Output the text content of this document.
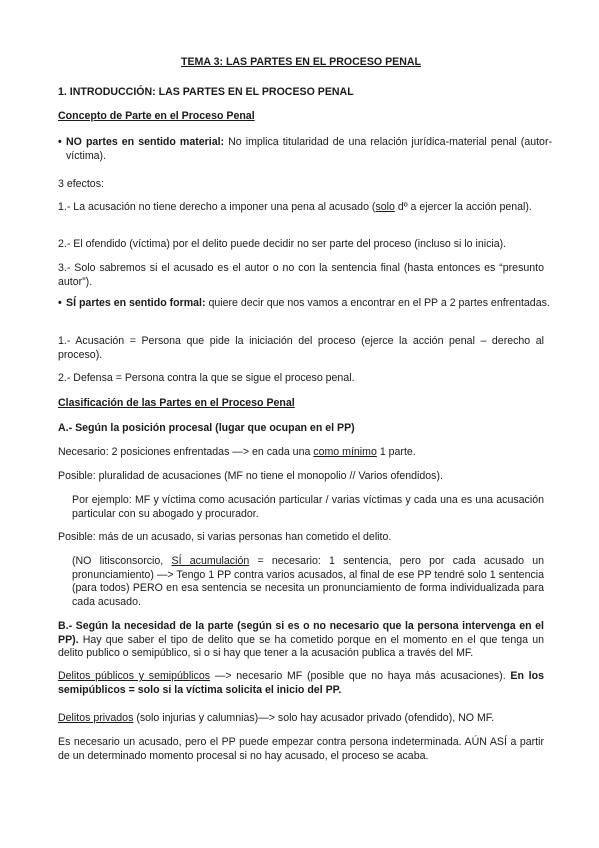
TEMA 3: LAS PARTES EN EL PROCESO PENAL
1. INTRODUCCIÓN: LAS PARTES EN EL PROCESO PENAL
Concepto de Parte en el Proceso Penal
• NO partes en sentido material: No implica titularidad de una relación jurídica-material penal (autor-víctima).
3 efectos:
1.- La acusación no tiene derecho a imponer una pena al acusado (solo dº a ejercer la acción penal).
2.- El ofendido (víctima) por el delito puede decidir no ser parte del proceso (incluso si lo inicia).
3.- Solo sabremos si el acusado es el autor o no con la sentencia final (hasta entonces es “presunto autor”).
• SÍ partes en sentido formal: quiere decir que nos vamos a encontrar en el PP a 2 partes enfrentadas.
1.- Acusación = Persona que pide la iniciación del proceso (ejerce la acción penal – derecho al proceso).
2.- Defensa = Persona contra la que se sigue el proceso penal.
Clasificación de las Partes en el Proceso Penal
A.- Según la posición procesal (lugar que ocupan en el PP)
Necesario: 2 posiciones enfrentadas —> en cada una como mínimo 1 parte.
Posible: pluralidad de acusaciones (MF no tiene el monopolio // Varios ofendidos).
Por ejemplo: MF y víctima como acusación particular / varias víctimas y cada una es una acusación particular con su abogado y procurador.
Posible: más de un acusado, si varias personas han cometido el delito.
(NO litisconsorcio, SÍ acumulación = necesario: 1 sentencia, pero por cada acusado un pronunciamiento) —> Tengo 1 PP contra varios acusados, al final de ese PP tendré solo 1 sentencia (para todos) PERO en esa sentencia se necesita un pronunciamiento de forma individualizada para cada acusado.
B.- Según la necesidad de la parte (según si es o no necesario que la persona intervenga en el PP). Hay que saber el tipo de delito que se ha cometido porque en el momento en el que tenga un delito publico o semipúblico, si o si hay que tener a la acusación publica a través del MF.
Delitos públicos y semipúblicos —> necesario MF (posible que no haya más acusaciones). En los semipúblicos = solo si la víctima solicita el inicio del PP.
Delitos privados (solo injurias y calumnias)—> solo hay acusador privado (ofendido), NO MF.
Es necesario un acusado, pero el PP puede empezar contra persona indeterminada. AÚN ASÍ a partir de un determinado momento procesal si no hay acusado, el proceso se acaba.
